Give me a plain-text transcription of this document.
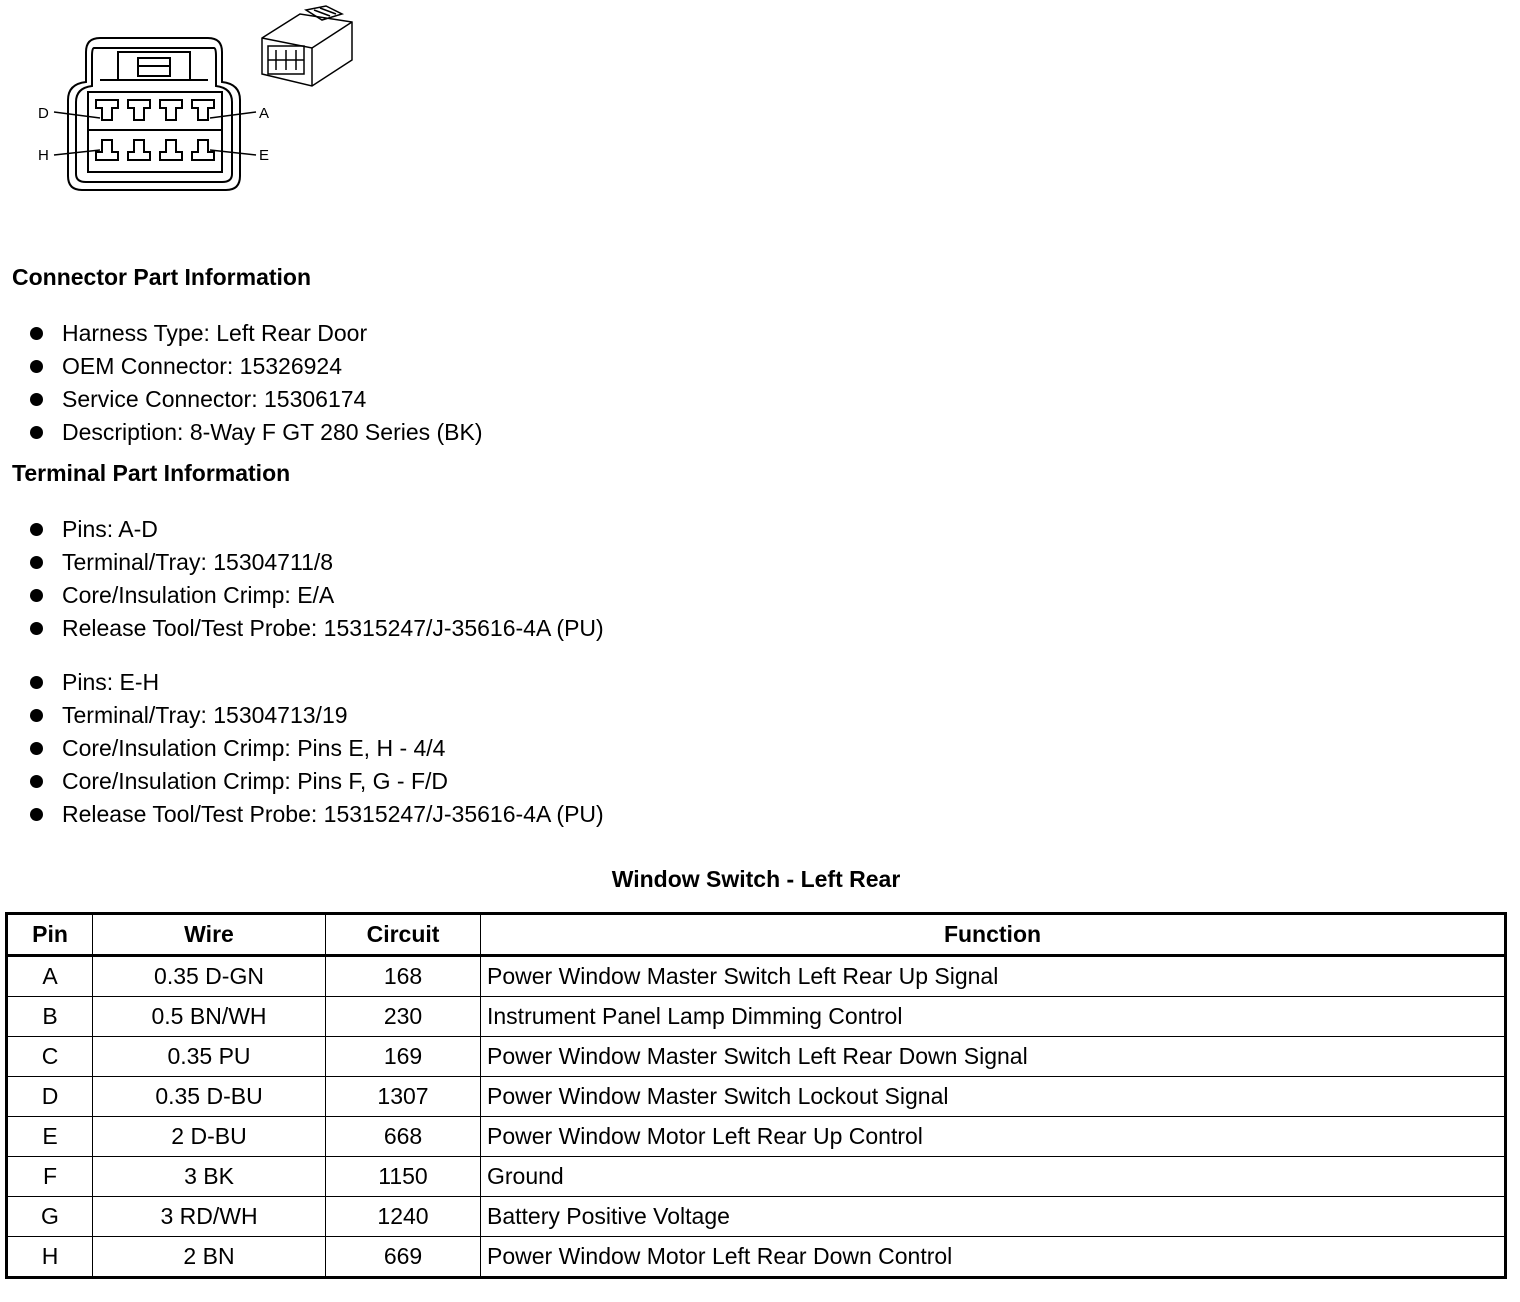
D	A
H	E
Connector Part Information
Harness Type: Left Rear Door
OEM Connector: 15326924
Service Connector: 15306174
Description: 8-Way F GT 280 Series (BK)
Terminal Part Information
Pins: A-D
Terminal/Tray: 15304711/8
Core/Insulation Crimp: E/A
Release Tool/Test Probe: 15315247/J-35616-4A (PU)
Pins: E-H
Terminal/Tray: 15304713/19
Core/Insulation Crimp: Pins E, H - 4/4
Core/Insulation Crimp: Pins F, G - F/D
Release Tool/Test Probe: 15315247/J-35616-4A (PU)
Window Switch - Left Rear
Pin	Wire	Circuit	Function
A	0.35 D-GN	168	Power Window Master Switch Left Rear Up Signal
B	0.5 BN/WH	230	Instrument Panel Lamp Dimming Control
C	0.35 PU	169	Power Window Master Switch Left Rear Down Signal
D	0.35 D-BU	1307	Power Window Master Switch Lockout Signal
E	2 D-BU	668	Power Window Motor Left Rear Up Control
F	3 BK	1150	Ground
G	3 RD/WH	1240	Battery Positive Voltage
H	2 BN	669	Power Window Motor Left Rear Down Control
